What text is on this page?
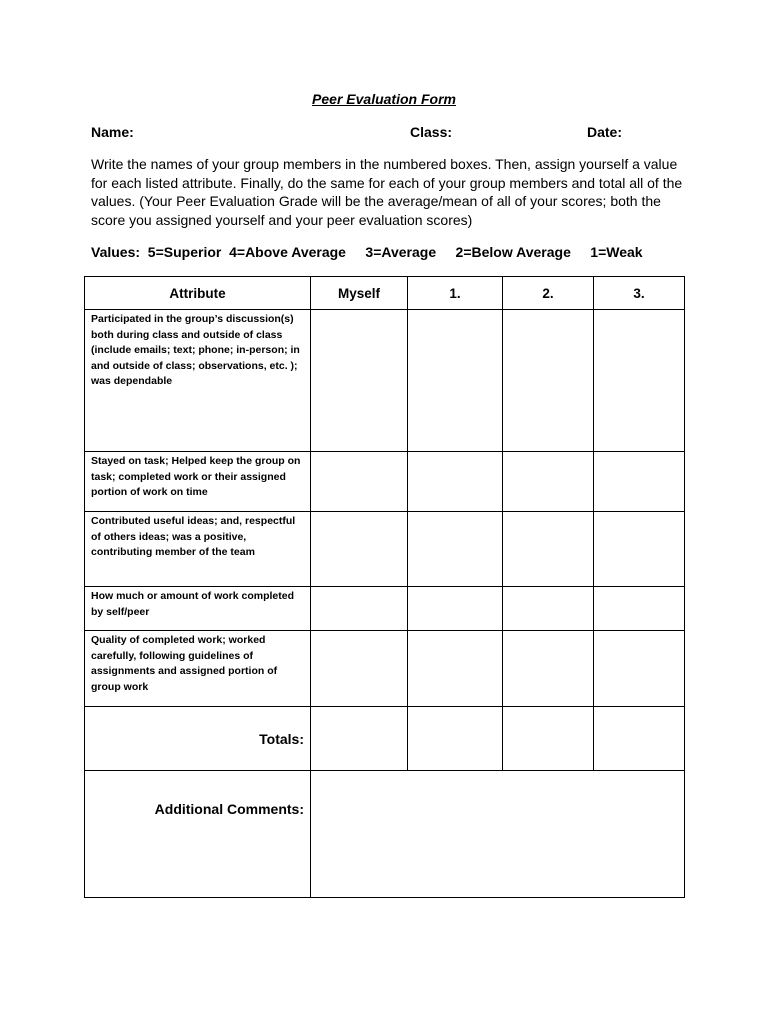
Peer Evaluation Form
Name:	Class:	Date:
Write the names of your group members in the numbered boxes. Then, assign yourself a value for each listed attribute. Finally, do the same for each of your group members and total all of the values. (Your Peer Evaluation Grade will be the average/mean of all of your scores; both the score you assigned yourself and your peer evaluation scores)
Values:  5=Superior  4=Above Average     3=Average     2=Below Average     1=Weak
Attribute	Myself	1.	2.	3.
Participated in the group’s discussion(s) both during class and outside of class (include emails; text; phone; in-person; in and outside of class; observations, etc. ); was dependable				
Stayed on task; Helped keep the group on task; completed work or their assigned portion of work on time				
Contributed useful ideas; and, respectful of others ideas; was a positive, contributing member of the team				
How much or amount of work completed by self/peer				
Quality of completed work; worked carefully, following guidelines of assignments and assigned portion of group work				
Totals:				
Additional Comments:				
